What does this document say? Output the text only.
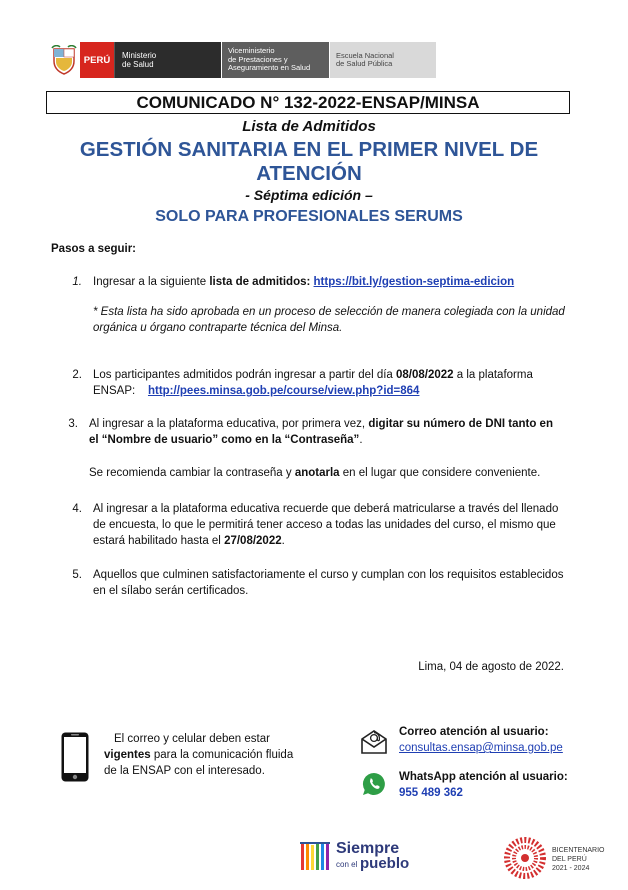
PERÚ Ministerio
de Salud
Viceministerio
de Prestaciones y
Aseguramiento en Salud
Escuela Nacional
de Salud Pública
COMUNICADO N° 132-2022-ENSAP/MINSA
Lista de Admitidos
GESTIÓN SANITARIA EN EL PRIMER NIVEL DE
ATENCIÓN
- Séptima edición –
SOLO PARA PROFESIONALES SERUMS
Pasos a seguir:
1. Ingresar a la siguiente lista de admitidos: https://bit.ly/gestion-septima-edicion
* Esta lista ha sido aprobada en un proceso de selección de manera colegiada con la unidad
orgánica u órgano contraparte técnica del Minsa.
2. Los participantes admitidos podrán ingresar a partir del día 08/08/2022 a la plataforma
ENSAP: http://pees.minsa.gob.pe/course/view.php?id=864
3. Al ingresar a la plataforma educativa, por primera vez, digitar su número de DNI tanto en
el “Nombre de usuario” como en la “Contraseña”.
Se recomienda cambiar la contraseña y anotarla en el lugar que considere conveniente.
4. Al ingresar a la plataforma educativa recuerde que deberá matricularse a través del llenado
de encuesta, lo que le permitirá tener acceso a todas las unidades del curso, el mismo que
estará habilitado hasta el 27/08/2022.
5. Aquellos que culminen satisfactoriamente el curso y cumplan con los requisitos establecidos
en el sílabo serán certificados.
Lima, 04 de agosto de 2022.
El correo y celular deben estar
vigentes para la comunicación fluida
de la ENSAP con el interesado.
Correo atención al usuario:
consultas.ensap@minsa.gob.pe
WhatsApp atención al usuario:
955 489 362
Siempre
con el pueblo
BICENTENARIO
DEL PERÚ
2021 - 2024
